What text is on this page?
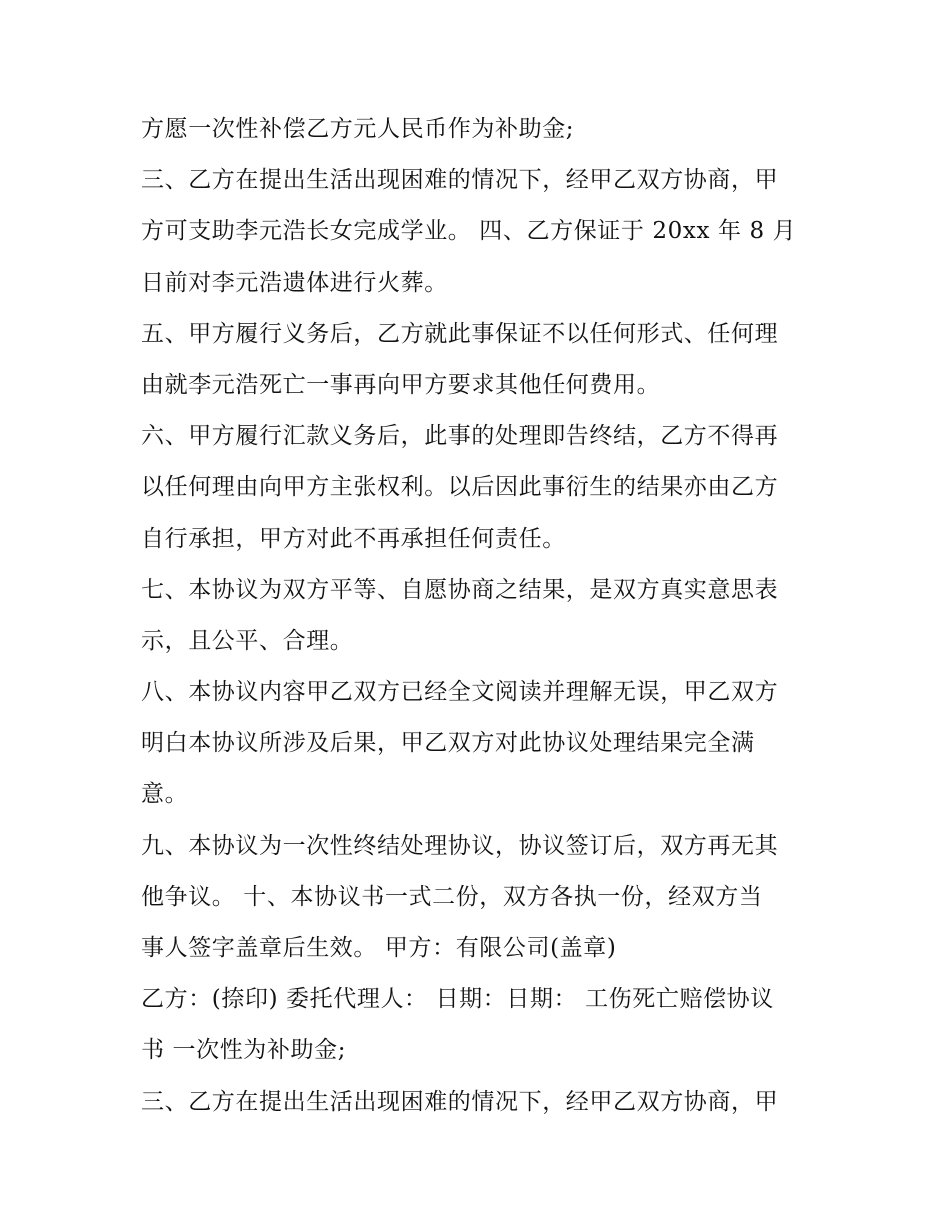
方愿一次性补偿乙方元人民币作为补助金;
三、乙方在提出生活出现困难的情况下，经甲乙双方协商，甲
方可支助李元浩长女完成学业。 四、乙方保证于 20xx 年 8 月
日前对李元浩遗体进行火葬。
五、甲方履行义务后，乙方就此事保证不以任何形式、任何理
由就李元浩死亡一事再向甲方要求其他任何费用。
六、甲方履行汇款义务后，此事的处理即告终结，乙方不得再
以任何理由向甲方主张权利。以后因此事衍生的结果亦由乙方
自行承担，甲方对此不再承担任何责任。
七、本协议为双方平等、自愿协商之结果，是双方真实意思表
示，且公平、合理。
八、本协议内容甲乙双方已经全文阅读并理解无误，甲乙双方
明白本协议所涉及后果，甲乙双方对此协议处理结果完全满
意。
九、本协议为一次性终结处理协议，协议签订后，双方再无其
他争议。 十、本协议书一式二份，双方各执一份，经双方当
事人签字盖章后生效。 甲方：有限公司(盖章)
乙方：(捺印) 委托代理人： 日期：日期： 工伤死亡赔偿协议
书 一次性为补助金;
三、乙方在提出生活出现困难的情况下，经甲乙双方协商，甲
